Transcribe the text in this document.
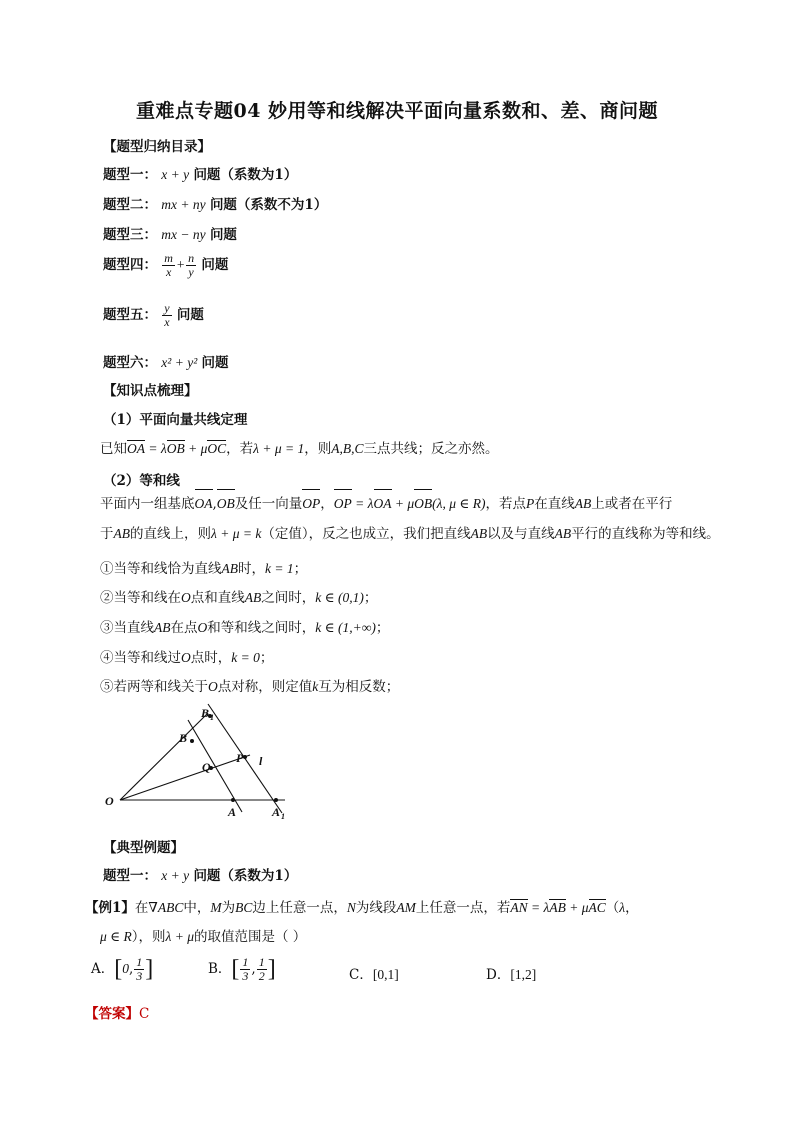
重难点专题04 妙用等和线解决平面向量系数和、差、商问题
【题型归纳目录】
题型一： x + y 问题（系数为1）
题型二： mx + ny 问题（系数不为1）
题型三： mx − ny 问题
题型四： $\frac{m}{x} + \frac{n}{y}$ 问题
题型五： $\frac{y}{x}$ 问题
题型六： x² + y² 问题
【知识点梳理】
（1）平面向量共线定理
已知OA = λOB + μOC，若λ + μ = 1，则A,B,C三点共线；反之亦然。
（2）等和线
平面内一组基底OA,OB及任一向量OP，OP = λOA + μOB(λ, μ ∈ R)，若点P在直线AB上或者在平行
于AB的直线上，则λ + μ = k（定值），反之也成立，我们把直线AB以及与直线AB平行的直线称为等和线。
①当等和线恰为直线AB时，k = 1；
②当等和线在O点和直线AB之间时，k ∈ (0,1)；
③当直线AB在点O和等和线之间时，k ∈ (1,+∞)；
④当等和线过O点时，k = 0；
⑤若两等和线关于O点对称，则定值k互为相反数；
O
A	A 1
B
B 1
Q
P l
【典型例题】
题型一： x + y 问题（系数为1）
【例1】在∇ABC中，M为BC边上任意一点，N为线段AM上任意一点，若AN = λAB + μAC（λ，
μ ∈ R），则λ + μ的取值范围是（ ）
A．[0, $\frac{1}{3}$ ]	B．[ $\frac{1}{3}$ , $\frac{1}{2}$ ]	C．[0,1]	D．[1,2]
【答案】C
